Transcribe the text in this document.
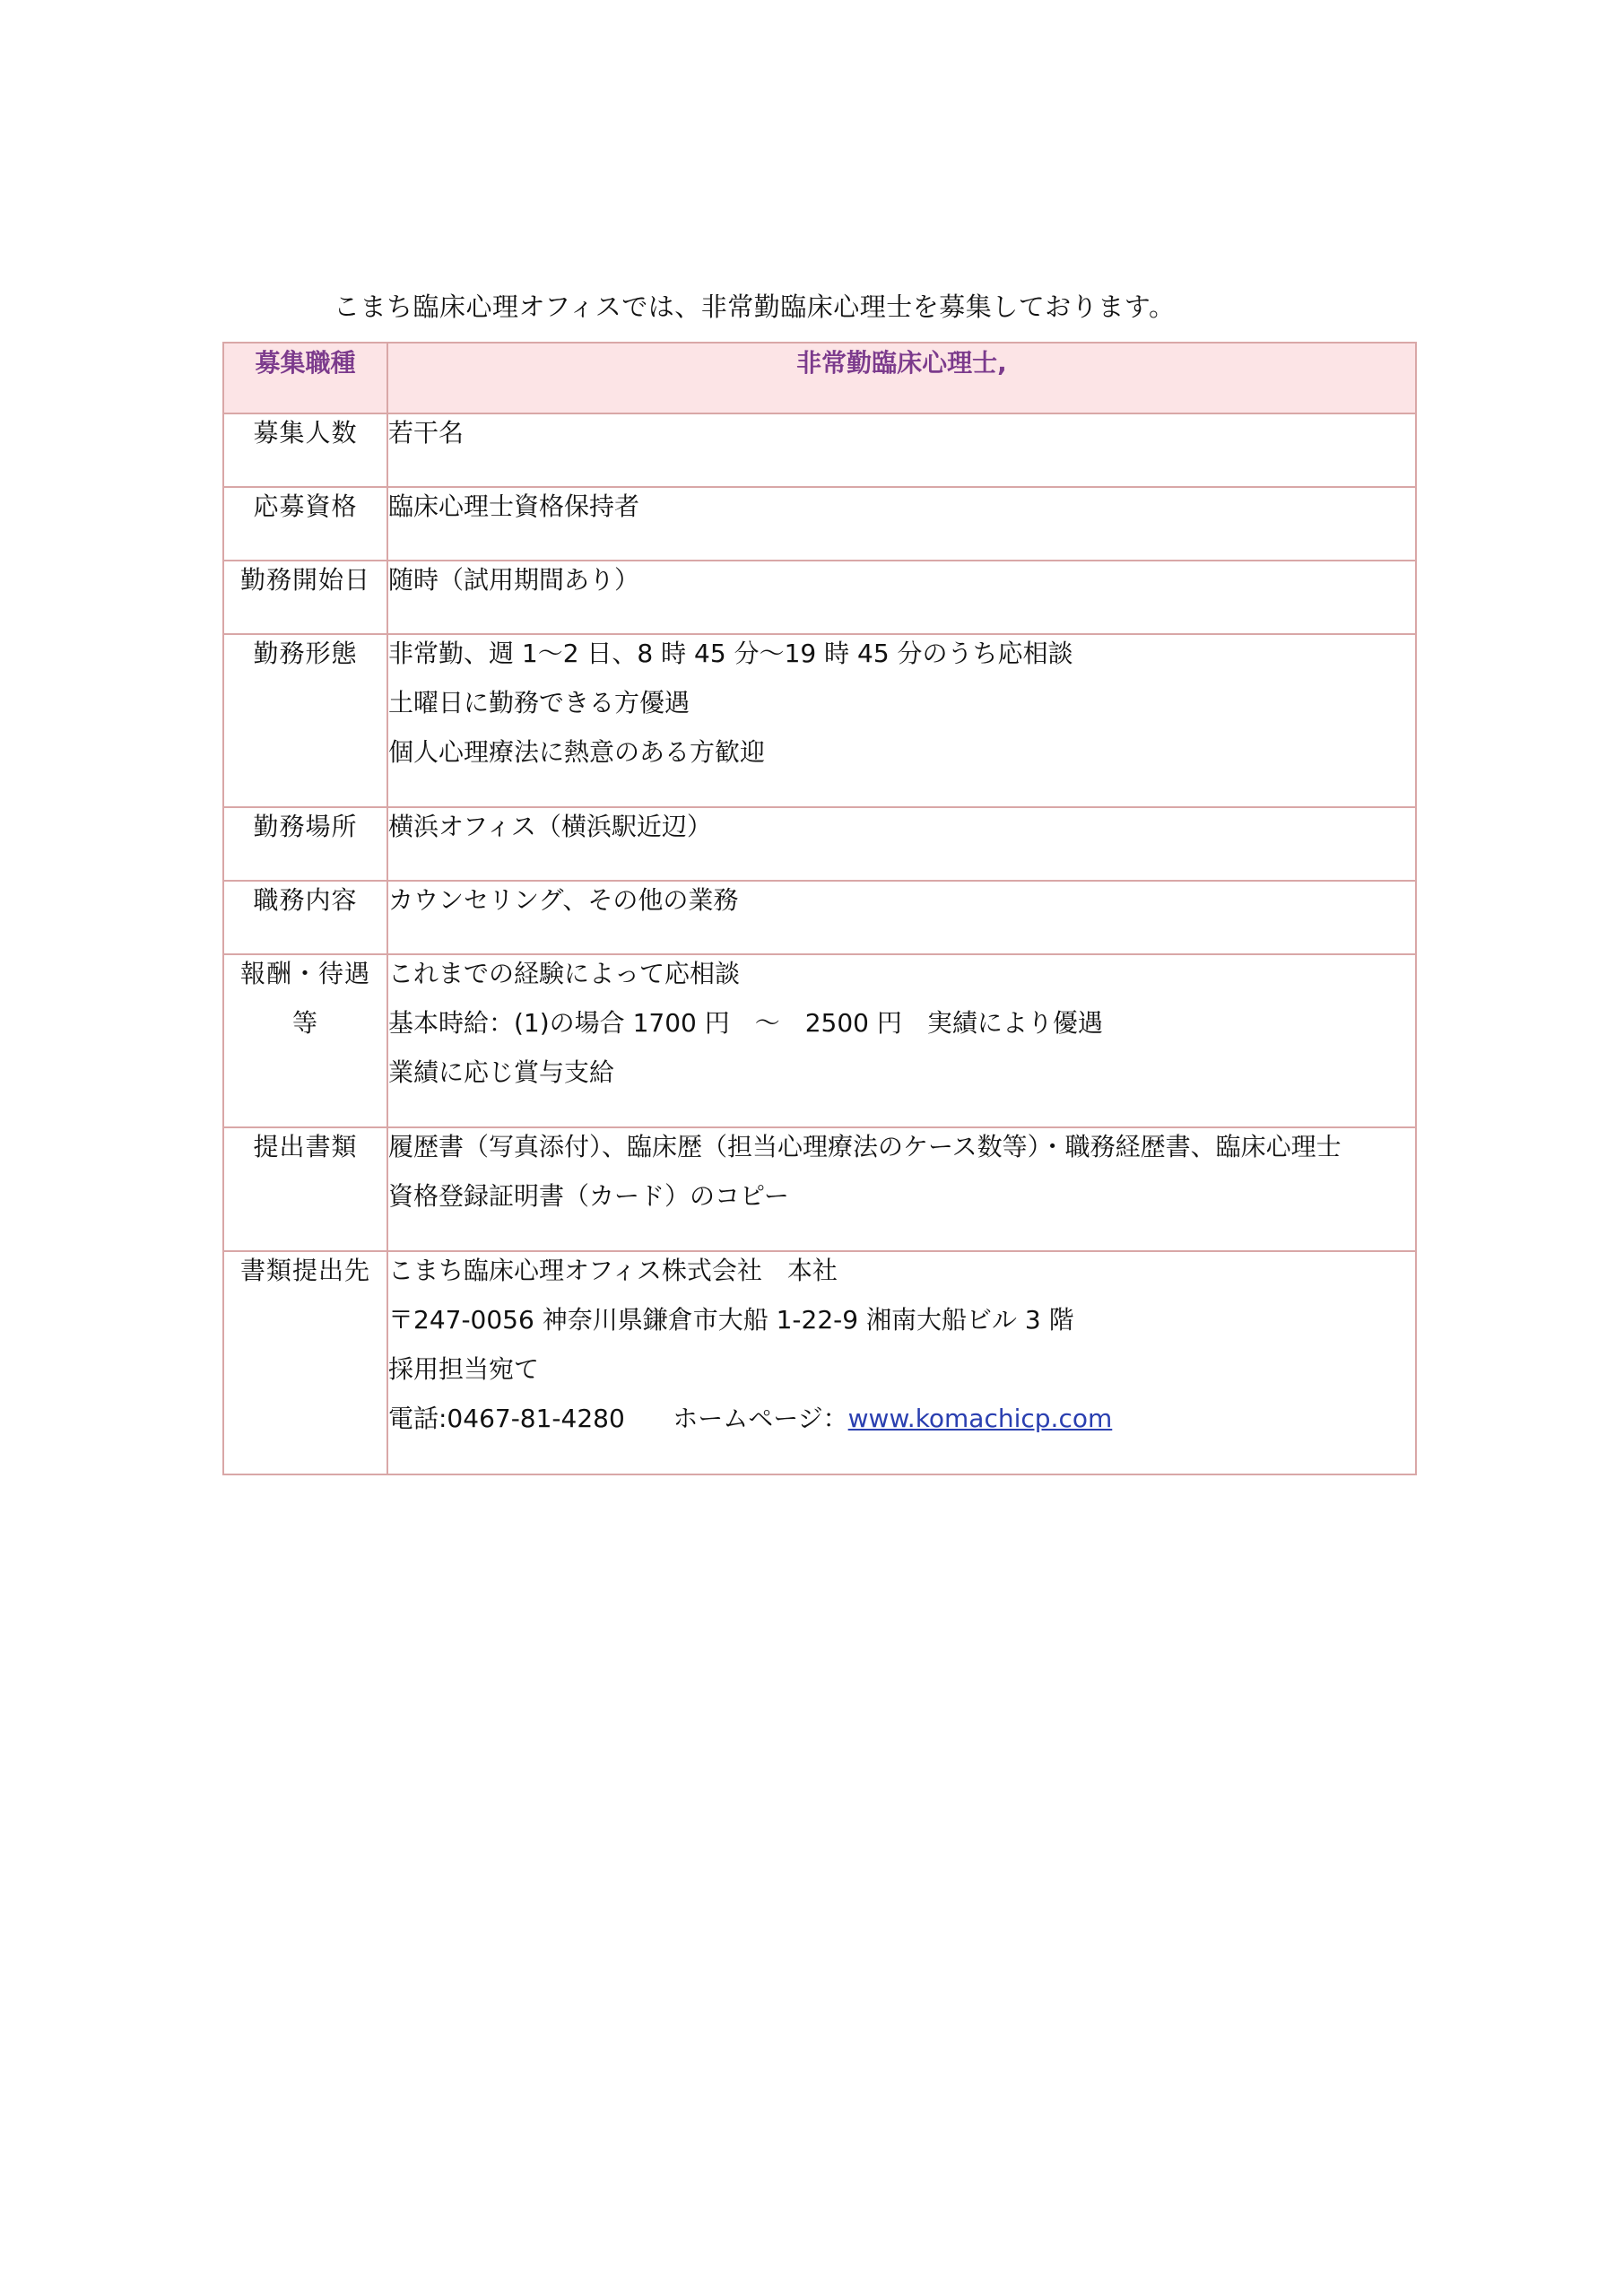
こまち臨床心理オフィスでは、非常勤臨床心理士を募集しております。
募集職種	非常勤臨床心理士,

募集人数	若干名

応募資格	臨床心理士資格保持者

勤務開始日	随時（試用期間あり）

勤務形態	非常勤、週 1～2 日、8 時 45 分～19 時 45 分のうち応相談
土曜日に勤務できる方優遇
個人心理療法に熱意のある方歓迎

勤務場所	横浜オフィス（横浜駅近辺）

職務内容	カウンセリング、その他の業務

報酬・待遇
等	これまでの経験によって応相談
基本時給：(1)の場合 1700 円　～　2500 円　実績により優遇
業績に応じ賞与支給

提出書類	履歴書（写真添付）、臨床歴（担当心理療法のケース数等）・職務経歴書、臨床心理士
資格登録証明書（カード）のコピー

書類提出先	こまち臨床心理オフィス株式会社　本社
〒247-0056 神奈川県鎌倉市大船 1-22-9 湘南大船ビル 3 階
採用担当宛て
電話:0467-81-4280 ホームページ：www.komachicp.com
